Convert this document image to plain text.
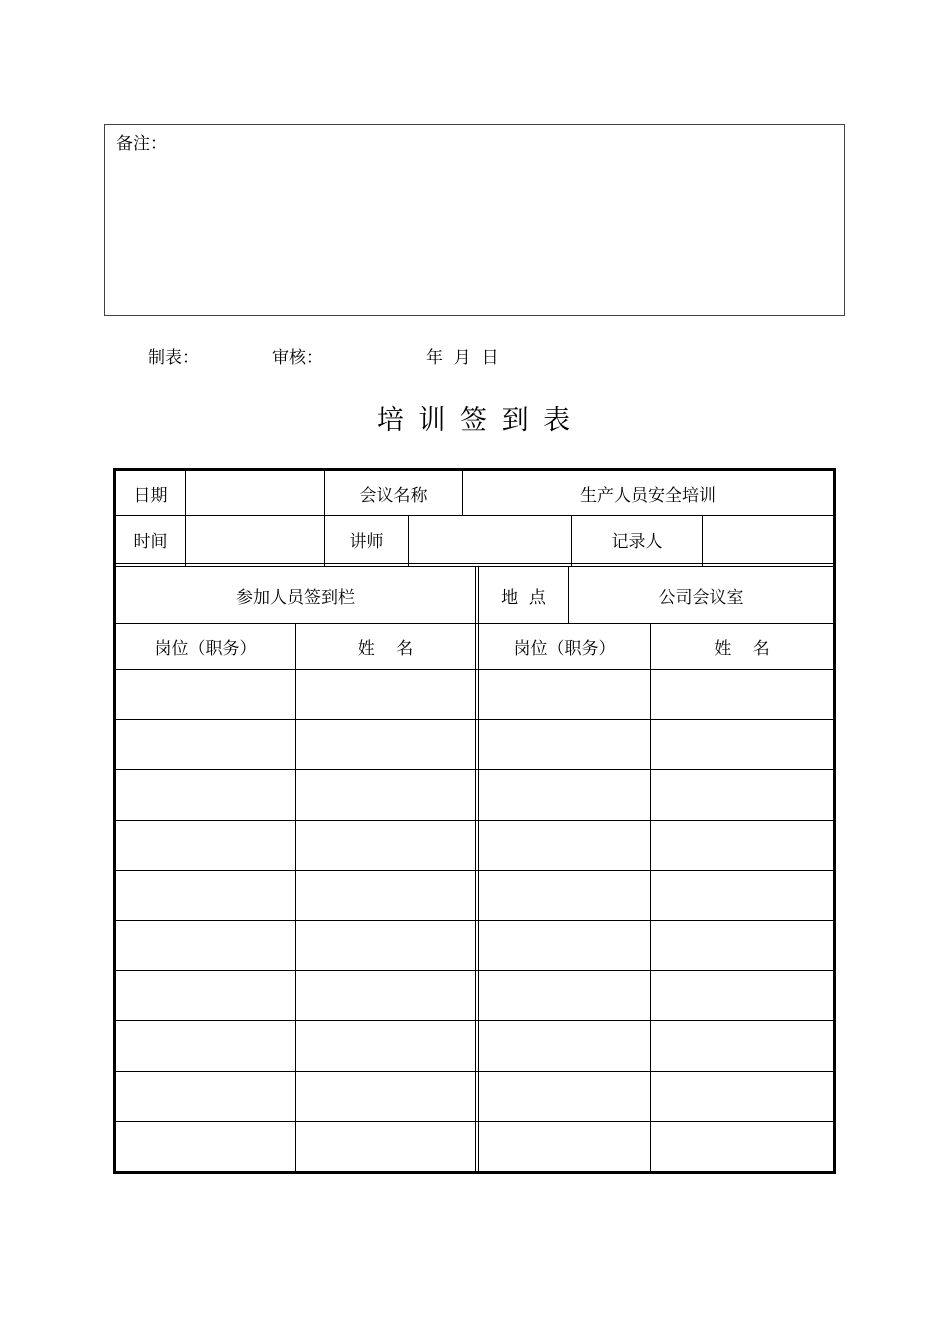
备注：
制表：	审核：	年  月  日
培 训 签 到 表
日期	会议名称	生产人员安全培训
时间	讲师	记录人
参加人员签到栏	地  点	公司会议室
岗位（职务）	姓    名	岗位（职务）	姓    名
